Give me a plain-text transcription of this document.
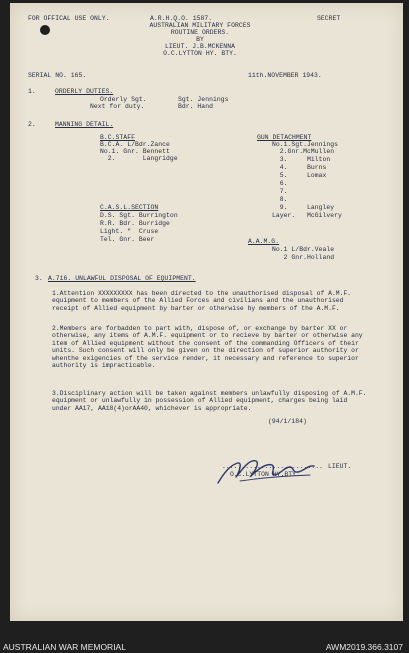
FOR OFFICAL USE ONLY.	A.R.H.Q.O. 1587.	SECRET
AUSTRALIAN MILITARY FORCES
ROUTINE ORDERS.
BY
LIEUT. J.B.MCKENNA
O.C.LYTTON HY. BTY.
SERIAL NO. 165.	11th.NOVEMBER 1943.
1.	ORDERLY DUTIES.
Orderly Sgt.	Sgt. Jennings
Next for duty.	Bdr. Hand
2.	MANNING DETAIL.
B.C.STAFF
B.C.A. L/Bdr.Zance
No.1. Gnr. Bennett
2.       Langridge
GUN DETACHMENT
No.1.Sgt.Jennings
2.Gnr.McMullen
3.     Milton
4.     Burns
5.     Lomax
6.
7.
8.
9.     Langley
Layer.   McGilvery
C.A.S.L.SECTION
D.S. Sgt. Burrington
R.R. Bdr. Burridge
Light. "  Cruse
Tel. Gnr. Beer	A.A.M.G.
No.1 L/Bdr.Veale
2 Gnr.Holland
3. A.716. UNLAWFUL DISPOSAL OF EQUIPMENT.
1.Attention XXXXXXXXX has been directed to the unauthorised disposal of A.M.F. equipment to members of the Allied Forces and civilians and the unauthorised receipt of Allied equipment by barter or otherwise by members of the A.M.F.
2.Members are forbadden to part with, dispose of, or exchange by barter XX or otherwise, any items of A.M.F. equipment or to recieve by barter or otherwise any item of Allied equipment without the consent of the commanding Officers of their units. Such consent will only be given on the direction of superior authority or whenthe exigencies of the service render, it necessary and reference to superior authority is impracticable.
3.Disciplinary action will be taken against members unlawfully disposing of A.M.F. equipment or unlawfully in possession of Allied equipment, charges being laid under AA17, AA18(4)orAA40, whichever is appropriate.
(94/1/184)
.......................... LIEUT.
O.C.LYTTON HY.BTY.
AUSTRALIAN WAR MEMORIAL	AWM2019.366.3107
